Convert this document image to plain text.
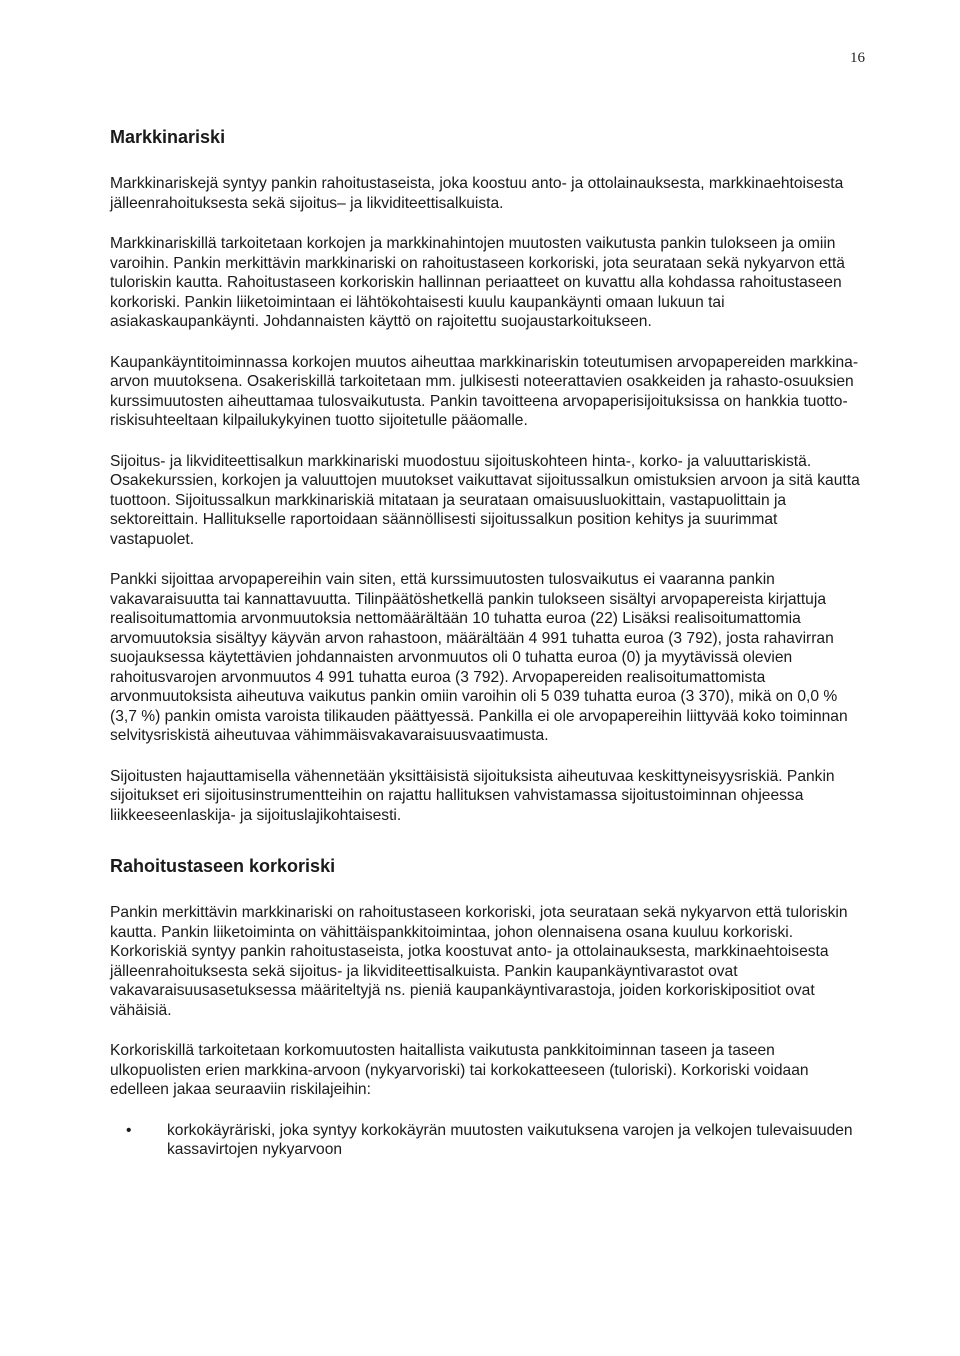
16
Markkinariski

Markkinariskejä syntyy pankin rahoitustaseista, joka koostuu anto- ja ottolainauksesta, markkinaehtoisesta jälleenrahoituksesta sekä sijoitus– ja likviditeettisalkuista.

Markkinariskillä tarkoitetaan korkojen ja markkinahintojen muutosten vaikutusta pankin tulokseen ja omiin varoihin. Pankin merkittävin markkinariski on rahoitustaseen korkoriski, jota seurataan sekä nykyarvon että tuloriskin kautta. Rahoitustaseen korkoriskin hallinnan periaatteet on kuvattu alla kohdassa rahoitustaseen korkoriski. Pankin liiketoimintaan ei lähtökohtaisesti kuulu kaupankäynti omaan lukuun tai asiakaskaupankäynti. Johdannaisten käyttö on rajoitettu suojaustarkoitukseen.

Kaupankäyntitoiminnassa korkojen muutos aiheuttaa markkinariskin toteutumisen arvopapereiden markkina-arvon muutoksena. Osakeriskillä tarkoitetaan mm. julkisesti noteerattavien osakkeiden ja rahasto-osuuksien kurssimuutosten aiheuttamaa tulosvaikutusta. Pankin tavoitteena arvopaperisijoituksissa on hankkia tuotto-riskisuhteeltaan kilpailukykyinen tuotto sijoitetulle pääomalle.

Sijoitus- ja likviditeettisalkun markkinariski muodostuu sijoituskohteen hinta-, korko- ja valuuttariskistä. Osakekurssien, korkojen ja valuuttojen muutokset vaikuttavat sijoitussalkun omistuksien arvoon ja sitä kautta tuottoon. Sijoitussalkun markkinariskiä mitataan ja seurataan omaisuusluokittain, vastapuolittain ja sektoreittain. Hallitukselle raportoidaan säännöllisesti sijoitussalkun position kehitys ja suurimmat vastapuolet.

Pankki sijoittaa arvopapereihin vain siten, että kurssimuutosten tulosvaikutus ei vaaranna pankin vakavaraisuutta tai kannattavuutta. Tilinpäätöshetkellä pankin tulokseen sisältyi arvopapereista kirjattuja realisoitumattomia arvonmuutoksia nettomäärältään 10 tuhatta euroa (22) Lisäksi realisoitumattomia arvomuutoksia sisältyy käyvän arvon rahastoon, määrältään 4 991 tuhatta euroa (3 792), josta rahavirran suojauksessa käytettävien johdannaisten arvonmuutos oli 0 tuhatta euroa (0) ja myytävissä olevien rahoitusvarojen arvonmuutos 4 991 tuhatta euroa (3 792). Arvopapereiden realisoitumattomista arvonmuutoksista aiheutuva vaikutus pankin omiin varoihin oli 5 039 tuhatta euroa (3 370), mikä on 0,0 % (3,7 %) pankin omista varoista tilikauden päättyessä. Pankilla ei ole arvopapereihin liittyvää koko toiminnan selvitysriskistä aiheutuvaa vähimmäisvakavaraisuusvaatimusta.

Sijoitusten hajauttamisella vähennetään yksittäisistä sijoituksista aiheutuvaa keskittyneisyysriskiä. Pankin sijoitukset eri sijoitusinstrumentteihin on rajattu hallituksen vahvistamassa sijoitustoiminnan ohjeessa liikkeeseenlaskija- ja sijoituslajikohtaisesti.

Rahoitustaseen korkoriski

Pankin merkittävin markkinariski on rahoitustaseen korkoriski, jota seurataan sekä nykyarvon että tuloriskin kautta. Pankin liiketoiminta on vähittäispankkitoimintaa, johon olennaisena osana kuuluu korkoriski. Korkoriskiä syntyy pankin rahoitustaseista, jotka koostuvat anto- ja ottolainauksesta, markkinaehtoisesta jälleenrahoituksesta sekä sijoitus- ja likviditeettisalkuista. Pankin kaupankäyntivarastot ovat vakavaraisuusasetuksessa määriteltyjä ns. pieniä kaupankäyntivarastoja, joiden korkoriskipositiot ovat vähäisiä.

Korkoriskillä tarkoitetaan korkomuutosten haitallista vaikutusta pankkitoiminnan taseen ja taseen ulkopuolisten erien markkina-arvoon (nykyarvoriski) tai korkokatteeseen (tuloriski). Korkoriski voidaan edelleen jakaa seuraaviin riskilajeihin:

• korkokäyräriski, joka syntyy korkokäyrän muutosten vaikutuksena varojen ja velkojen tulevaisuuden kassavirtojen nykyarvoon
